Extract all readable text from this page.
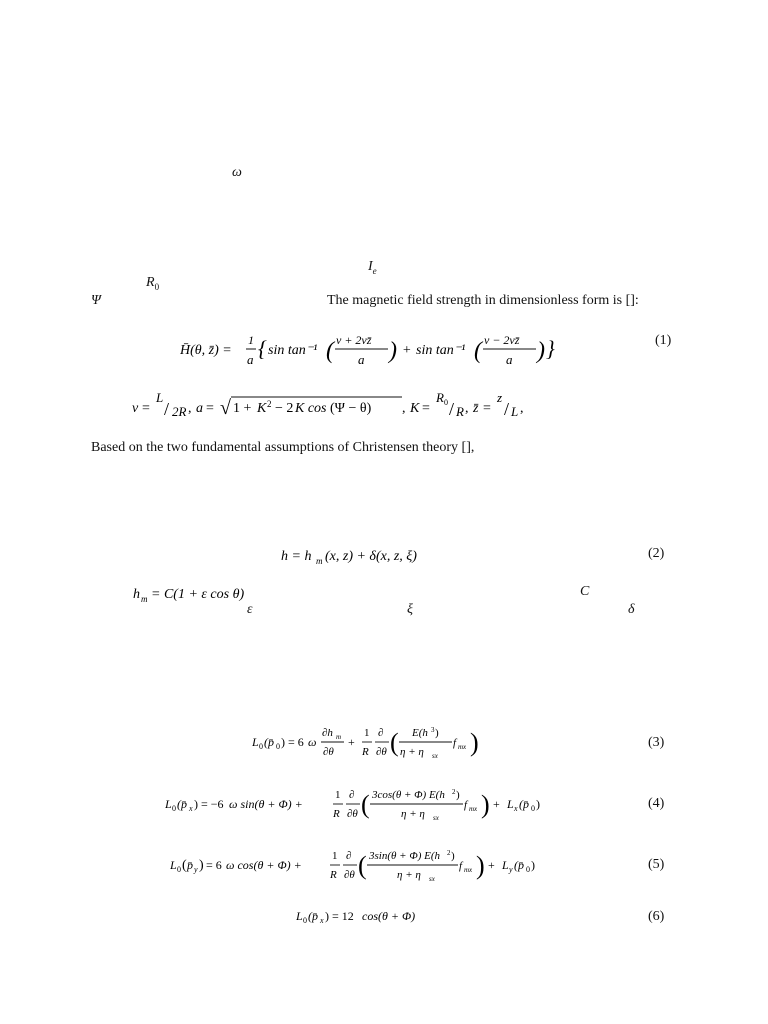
ω
$I_e$
$R_0$
Ψ	The magnetic field strength in dimensionless form is []:
H̄(θ, z̄) =
1
a { sin tan⁻¹ ( v + 2vz̄
a ) + sin tan⁻¹ ( v − 2vz̄
a ) }	(1)
v =
L
/ 2R , a = √ 1 + K 2 − 2 K cos (Ψ − θ) , K =
R 0 / R , z̄ =
z
/ L ,
Based on the two fundamental assumptions of Christensen theory [],
h = h m (x, z) + δ(x, z, ξ)	(2)
h m = C(1 + ε cos θ)	C
ε	ξ	δ
L 0 (p̄ 0 ) = 6 ω
∂h m
∂θ
+
1
R
∂
∂θ ( E(h 3 )
η + η sx
f mx )	(3)
L 0 (p̄ x ) = −6 ω sin(θ + Φ) +
1
R
∂
∂θ ( 3cos(θ + Φ) E(h 2 )
η + η sx
f mx ) + L x (p̄ 0 )	(4)
L 0 ( p̄ y ) = 6 ω cos(θ + Φ) +
1
R
∂
∂θ ( 3sin(θ + Φ) E(h 2 )
η + η sx
f mx ) + L y (p̄ 0 )	(5)
L 0 (p̄ x ) = 12 cos(θ + Φ)	(6)
